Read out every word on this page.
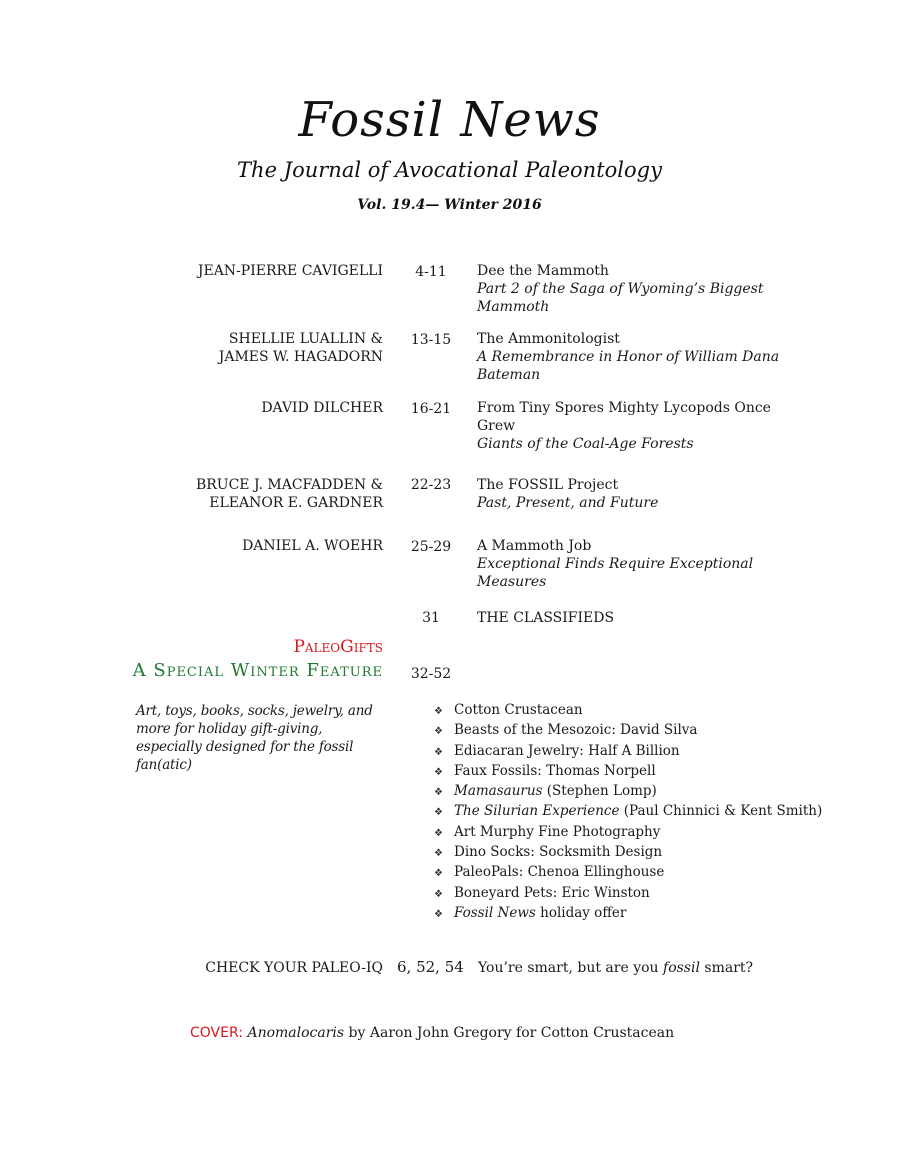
Fossil News
The Journal of Avocational Paleontology
Vol. 19.4— Winter 2016
JEAN-PIERRE CAVIGELLI	4-11	Dee the Mammoth
Part 2 of the Saga of Wyoming’s Biggest Mammoth
SHELLIE LUALLIN &
JAMES W. HAGADORN
13-15	The Ammonitologist
A Remembrance in Honor of William Dana Bateman
DAVID DILCHER	16-21	From Tiny Spores Mighty Lycopods Once Grew
Giants of the Coal-Age Forests
BRUCE J. MACFADDEN &
ELEANOR E. GARDNER
22-23	The FOSSIL Project
Past, Present, and Future
DANIEL A. WOEHR	25-29	A Mammoth Job
Exceptional Finds Require Exceptional Measures
31	THE CLASSIFIEDS
PaleoGifts
A Special Winter Feature	32-52
Art, toys, books, socks, jewelry, and more for holiday gift-giving, especially designed for the fossil fan(atic)
❖ Cotton Crustacean
❖ Beasts of the Mesozoic: David Silva
❖ Ediacaran Jewelry: Half A Billion
❖ Faux Fossils: Thomas Norpell
❖ Mamasaurus (Stephen Lomp)
❖ The Silurian Experience (Paul Chinnici & Kent Smith)
❖ Art Murphy Fine Photography
❖ Dino Socks: Socksmith Design
❖ PaleoPals: Chenoa Ellinghouse
❖ Boneyard Pets: Eric Winston
❖ Fossil News holiday offer
CHECK YOUR PALEO-IQ 6, 52, 54 You’re smart, but are you fossil smart?
COVER: Anomalocaris by Aaron John Gregory for Cotton Crustacean
